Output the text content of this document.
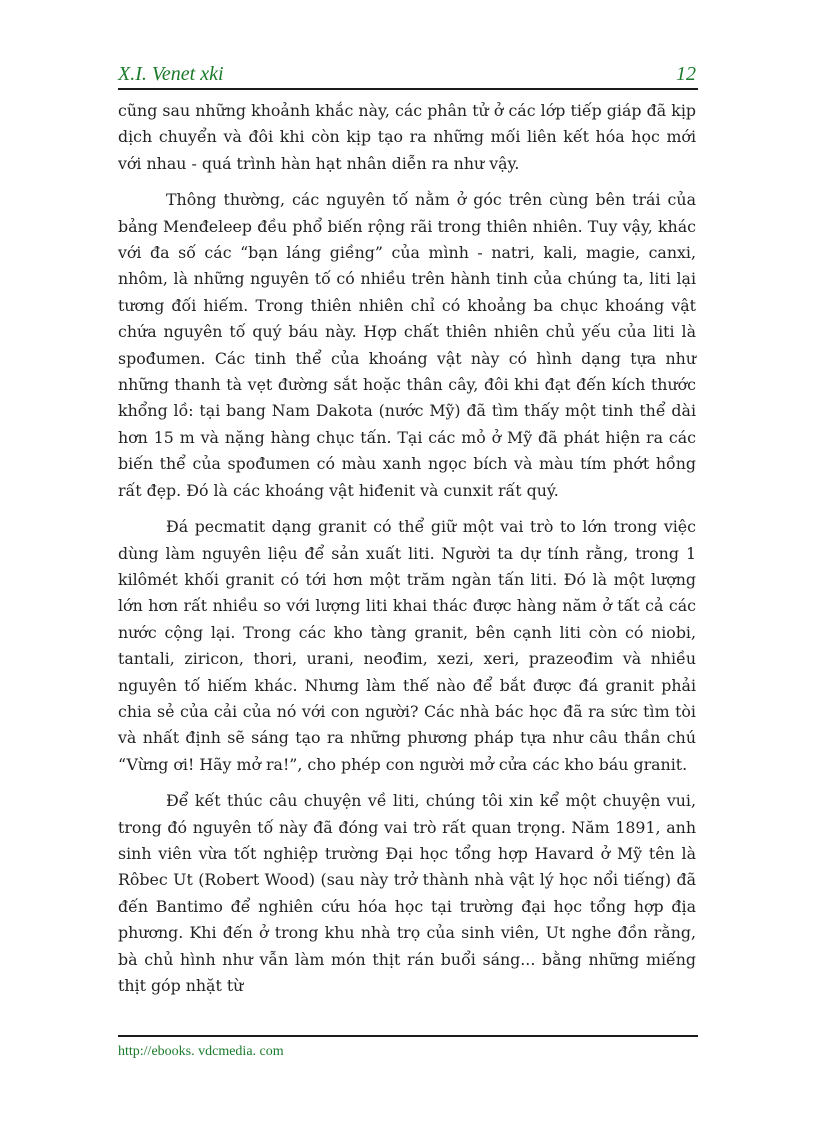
X.I. Venet xki	12

cũng sau những khoảnh khắc này, các phân tử ở các lớp tiếp giáp đã kịp dịch chuyển và đôi khi còn kịp tạo ra những mối liên kết hóa học mới với nhau - quá trình hàn hạt nhân diễn ra như vậy.

Thông thường, các nguyên tố nằm ở góc trên cùng bên trái của bảng Menđeleep đều phổ biến rộng rãi trong thiên nhiên. Tuy vậy, khác với đa số các “bạn láng giềng” của mình - natri, kali, magie, canxi, nhôm, là những nguyên tố có nhiều trên hành tinh của chúng ta, liti lại tương đối hiếm. Trong thiên nhiên chỉ có khoảng ba chục khoáng vật chứa nguyên tố quý báu này. Hợp chất thiên nhiên chủ yếu của liti là spođumen. Các tinh thể của khoáng vật này có hình dạng tựa như những thanh tà vẹt đường sắt hoặc thân cây, đôi khi đạt đến kích thước khổng lồ: tại bang Nam Dakota (nước Mỹ) đã tìm thấy một tinh thể dài hơn 15 m và nặng hàng chục tấn. Tại các mỏ ở Mỹ đã phát hiện ra các biến thể của spođumen có màu xanh ngọc bích và màu tím phớt hồng rất đẹp. Đó là các khoáng vật hiđenit và cunxit rất quý.

Đá pecmatit dạng granit có thể giữ một vai trò to lớn trong việc dùng làm nguyên liệu để sản xuất liti. Người ta dự tính rằng, trong 1 kilômét khối granit có tới hơn một trăm ngàn tấn liti. Đó là một lượng lớn hơn rất nhiều so với lượng liti khai thác được hàng năm ở tất cả các nước cộng lại. Trong các kho tàng granit, bên cạnh liti còn có niobi, tantali, ziricon, thori, urani, neođim, xezi, xeri, prazeođim và nhiều nguyên tố hiếm khác. Nhưng làm thế nào để bắt được đá granit phải chia sẻ của cải của nó với con người? Các nhà bác học đã ra sức tìm tòi và nhất định sẽ sáng tạo ra những phương pháp tựa như câu thần chú “Vừng ơi! Hãy mở ra!”, cho phép con người mở cửa các kho báu granit.

Để kết thúc câu chuyện về liti, chúng tôi xin kể một chuyện vui, trong đó nguyên tố này đã đóng vai trò rất quan trọng. Năm 1891, anh sinh viên vừa tốt nghiệp trường Đại học tổng hợp Havard ở Mỹ tên là Rôbec Ut (Robert Wood) (sau này trở thành nhà vật lý học nổi tiếng) đã đến Bantimo để nghiên cứu hóa học tại trường đại học tổng hợp địa phương. Khi đến ở trong khu nhà trọ của sinh viên, Ut nghe đồn rằng, bà chủ hình như vẫn làm món thịt rán buổi sáng... bằng những miếng thịt góp nhặt từ

http://ebooks. vdcmedia. com
